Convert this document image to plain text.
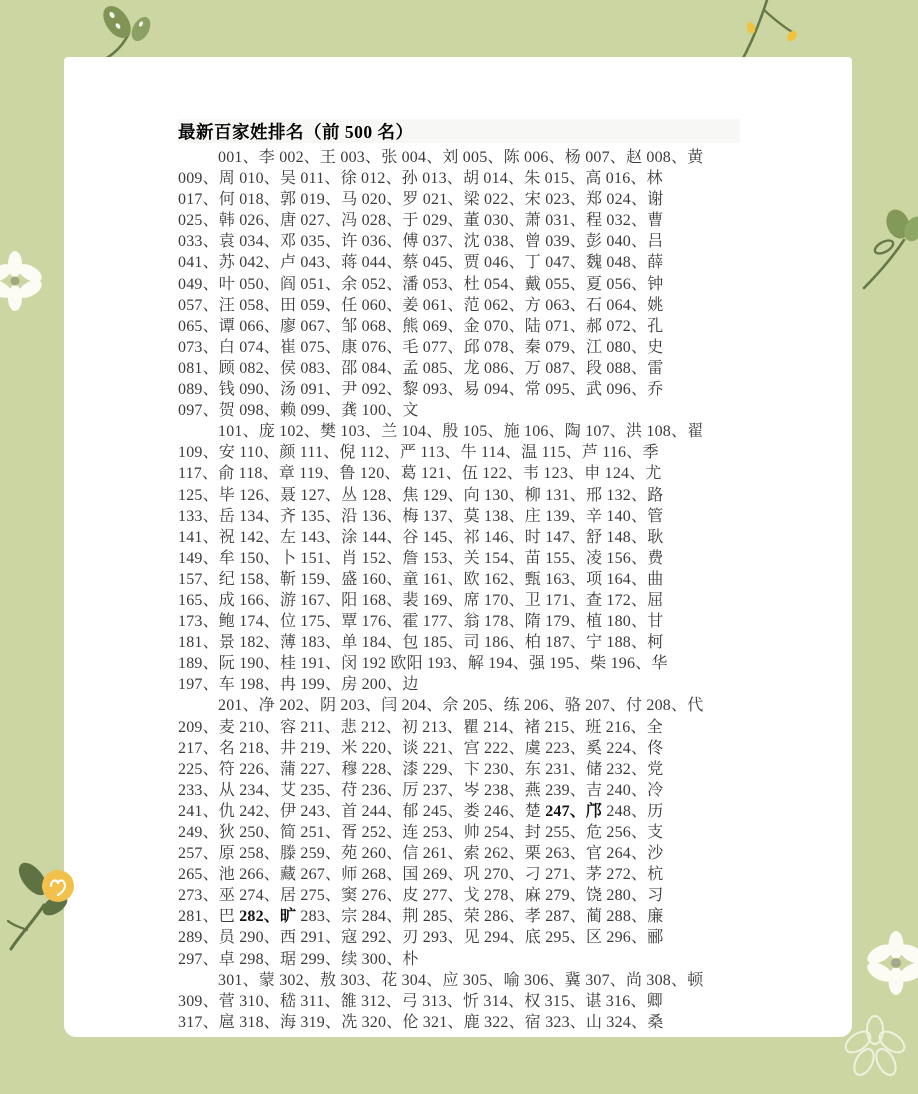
最新百家姓排名（前 500 名）
001、李 002、王 003、张 004、刘 005、陈 006、杨 007、赵 008、黄
009、周 010、吴 011、徐 012、孙 013、胡 014、朱 015、高 016、林
017、何 018、郭 019、马 020、罗 021、梁 022、宋 023、郑 024、谢
025、韩 026、唐 027、冯 028、于 029、董 030、萧 031、程 032、曹
033、袁 034、邓 035、许 036、傅 037、沈 038、曾 039、彭 040、吕
041、苏 042、卢 043、蒋 044、蔡 045、贾 046、丁 047、魏 048、薛
049、叶 050、阎 051、余 052、潘 053、杜 054、戴 055、夏 056、钟
057、汪 058、田 059、任 060、姜 061、范 062、方 063、石 064、姚
065、谭 066、廖 067、邹 068、熊 069、金 070、陆 071、郝 072、孔
073、白 074、崔 075、康 076、毛 077、邱 078、秦 079、江 080、史
081、顾 082、侯 083、邵 084、孟 085、龙 086、万 087、段 088、雷
089、钱 090、汤 091、尹 092、黎 093、易 094、常 095、武 096、乔
097、贺 098、赖 099、龚 100、文
101、庞 102、樊 103、兰 104、殷 105、施 106、陶 107、洪 108、翟
109、安 110、颜 111、倪 112、严 113、牛 114、温 115、芦 116、季
117、俞 118、章 119、鲁 120、葛 121、伍 122、韦 123、申 124、尤
125、毕 126、聂 127、丛 128、焦 129、向 130、柳 131、邢 132、路
133、岳 134、齐 135、沿 136、梅 137、莫 138、庄 139、辛 140、管
141、祝 142、左 143、涂 144、谷 145、祁 146、时 147、舒 148、耿
149、牟 150、卜 151、肖 152、詹 153、关 154、苗 155、凌 156、费
157、纪 158、靳 159、盛 160、童 161、欧 162、甄 163、项 164、曲
165、成 166、游 167、阳 168、裴 169、席 170、卫 171、查 172、屈
173、鲍 174、位 175、覃 176、霍 177、翁 178、隋 179、植 180、甘
181、景 182、薄 183、单 184、包 185、司 186、柏 187、宁 188、柯
189、阮 190、桂 191、闵 192 欧阳 193、解 194、强 195、柴 196、华
197、车 198、冉 199、房 200、边
201、净 202、阴 203、闫 204、佘 205、练 206、骆 207、付 208、代
209、麦 210、容 211、悲 212、初 213、瞿 214、褚 215、班 216、全
217、名 218、井 219、米 220、谈 221、宫 222、虞 223、奚 224、佟
225、符 226、蒲 227、穆 228、漆 229、卞 230、东 231、储 232、党
233、从 234、艾 235、苻 236、厉 237、岑 238、燕 239、吉 240、冷
241、仇 242、伊 243、首 244、郁 245、娄 246、楚 247、邝 248、历
249、狄 250、简 251、胥 252、连 253、帅 254、封 255、危 256、支
257、原 258、滕 259、苑 260、信 261、索 262、栗 263、官 264、沙
265、池 266、藏 267、师 268、国 269、巩 270、刁 271、茅 272、杭
273、巫 274、居 275、窦 276、皮 277、戈 278、麻 279、饶 280、习
281、巴 282、旷 283、宗 284、荆 285、荣 286、孝 287、蔺 288、廉
289、员 290、西 291、寇 292、刃 293、见 294、底 295、区 296、郦
297、卓 298、琚 299、续 300、朴
301、蒙 302、敖 303、花 304、应 305、喻 306、冀 307、尚 308、顿
309、菅 310、嵇 311、雒 312、弓 313、忻 314、权 315、谌 316、卿
317、扈 318、海 319、冼 320、伦 321、鹿 322、宿 323、山 324、桑
